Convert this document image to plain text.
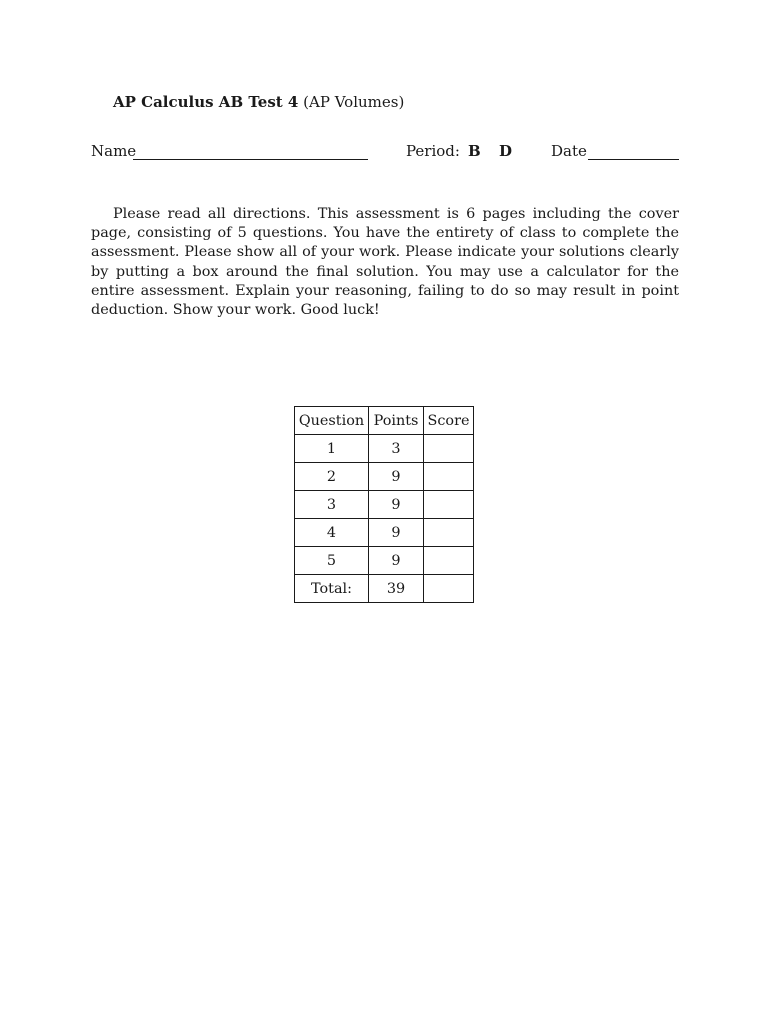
AP Calculus AB Test 4 (AP Volumes)
Name	Period: B D	Date

Please read all directions. This assessment is 6 pages including the cover page, consisting of 5 questions. You have the entirety of class to complete the assessment. Please show all of your work. Please indicate your solutions clearly by putting a box around the final solution. You may use a calculator for the entire assessment. Explain your reasoning, failing to do so may result in point deduction. Show your work. Good luck!

Question	Points	Score
1	3	
2	9	
3	9	
4	9	
5	9	
Total:	39	
